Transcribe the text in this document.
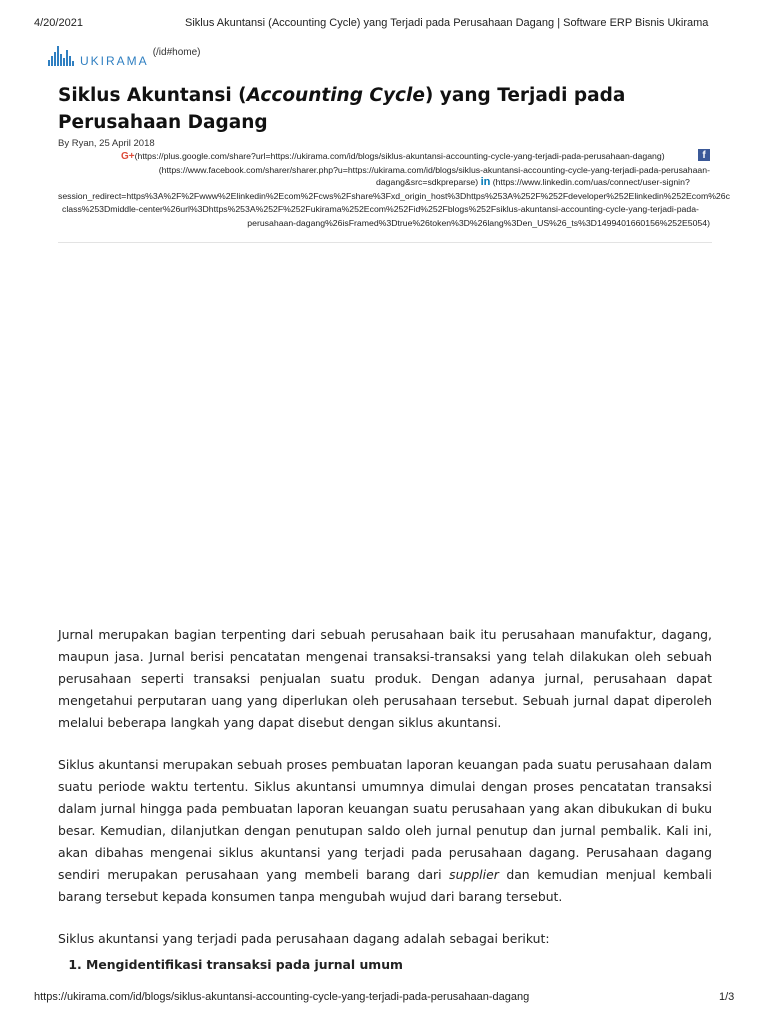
4/20/2021	Siklus Akuntansi (Accounting Cycle) yang Terjadi pada Perusahaan Dagang | Software ERP Bisnis Ukirama
UKIRAMA
(/id#home)
Siklus Akuntansi (Accounting Cycle) yang Terjadi pada Perusahaan Dagang
By Ryan, 25 April 2018
G+(https://plus.google.com/share?url=https://ukirama.com/id/blogs/siklus-akuntansi-accounting-cycle-yang-terjadi-pada-perusahaan-dagang)	f
(https://www.facebook.com/sharer/sharer.php?u=https://ukirama.com/id/blogs/siklus-akuntansi-accounting-cycle-yang-terjadi-pada-perusahaan-
dagang&src=sdkpreparse) in (https://www.linkedin.com/uas/connect/user-signin?
session_redirect=https%3A%2F%2Fwww%2Elinkedin%2Ecom%2Fcws%2Fshare%3Fxd_origin_host%3Dhttps%253A%252F%252Fdeveloper%252Elinkedin%252Ecom%26c
class%253Dmiddle-center%26url%3Dhttps%253A%252F%252Fukirama%252Ecom%252Fid%252Fblogs%252Fsiklus-akuntansi-accounting-cycle-yang-terjadi-pada-
perusahaan-dagang%26isFramed%3Dtrue%26token%3D%26lang%3Den_US%26_ts%3D1499401660156%252E5054)

Jurnal merupakan bagian terpenting dari sebuah perusahaan baik itu perusahaan manufaktur, dagang, maupun jasa. Jurnal berisi pencatatan mengenai transaksi-transaksi yang telah dilakukan oleh sebuah perusahaan seperti transaksi penjualan suatu produk. Dengan adanya jurnal, perusahaan dapat mengetahui perputaran uang yang diperlukan oleh perusahaan tersebut. Sebuah jurnal dapat diperoleh melalui beberapa langkah yang dapat disebut dengan siklus akuntansi.

Siklus akuntansi merupakan sebuah proses pembuatan laporan keuangan pada suatu perusahaan dalam suatu periode waktu tertentu. Siklus akuntansi umumnya dimulai dengan proses pencatatan transaksi dalam jurnal hingga pada pembuatan laporan keuangan suatu perusahaan yang akan dibukukan di buku besar. Kemudian, dilanjutkan dengan penutupan saldo oleh jurnal penutup dan jurnal pembalik. Kali ini, akan dibahas mengenai siklus akuntansi yang terjadi pada perusahaan dagang. Perusahaan dagang sendiri merupakan perusahaan yang membeli barang dari supplier dan kemudian menjual kembali barang tersebut kepada konsumen tanpa mengubah wujud dari barang tersebut.

Siklus akuntansi yang terjadi pada perusahaan dagang adalah sebagai berikut:

1. Mengidentifikasi transaksi pada jurnal umum
https://ukirama.com/id/blogs/siklus-akuntansi-accounting-cycle-yang-terjadi-pada-perusahaan-dagang	1/3
